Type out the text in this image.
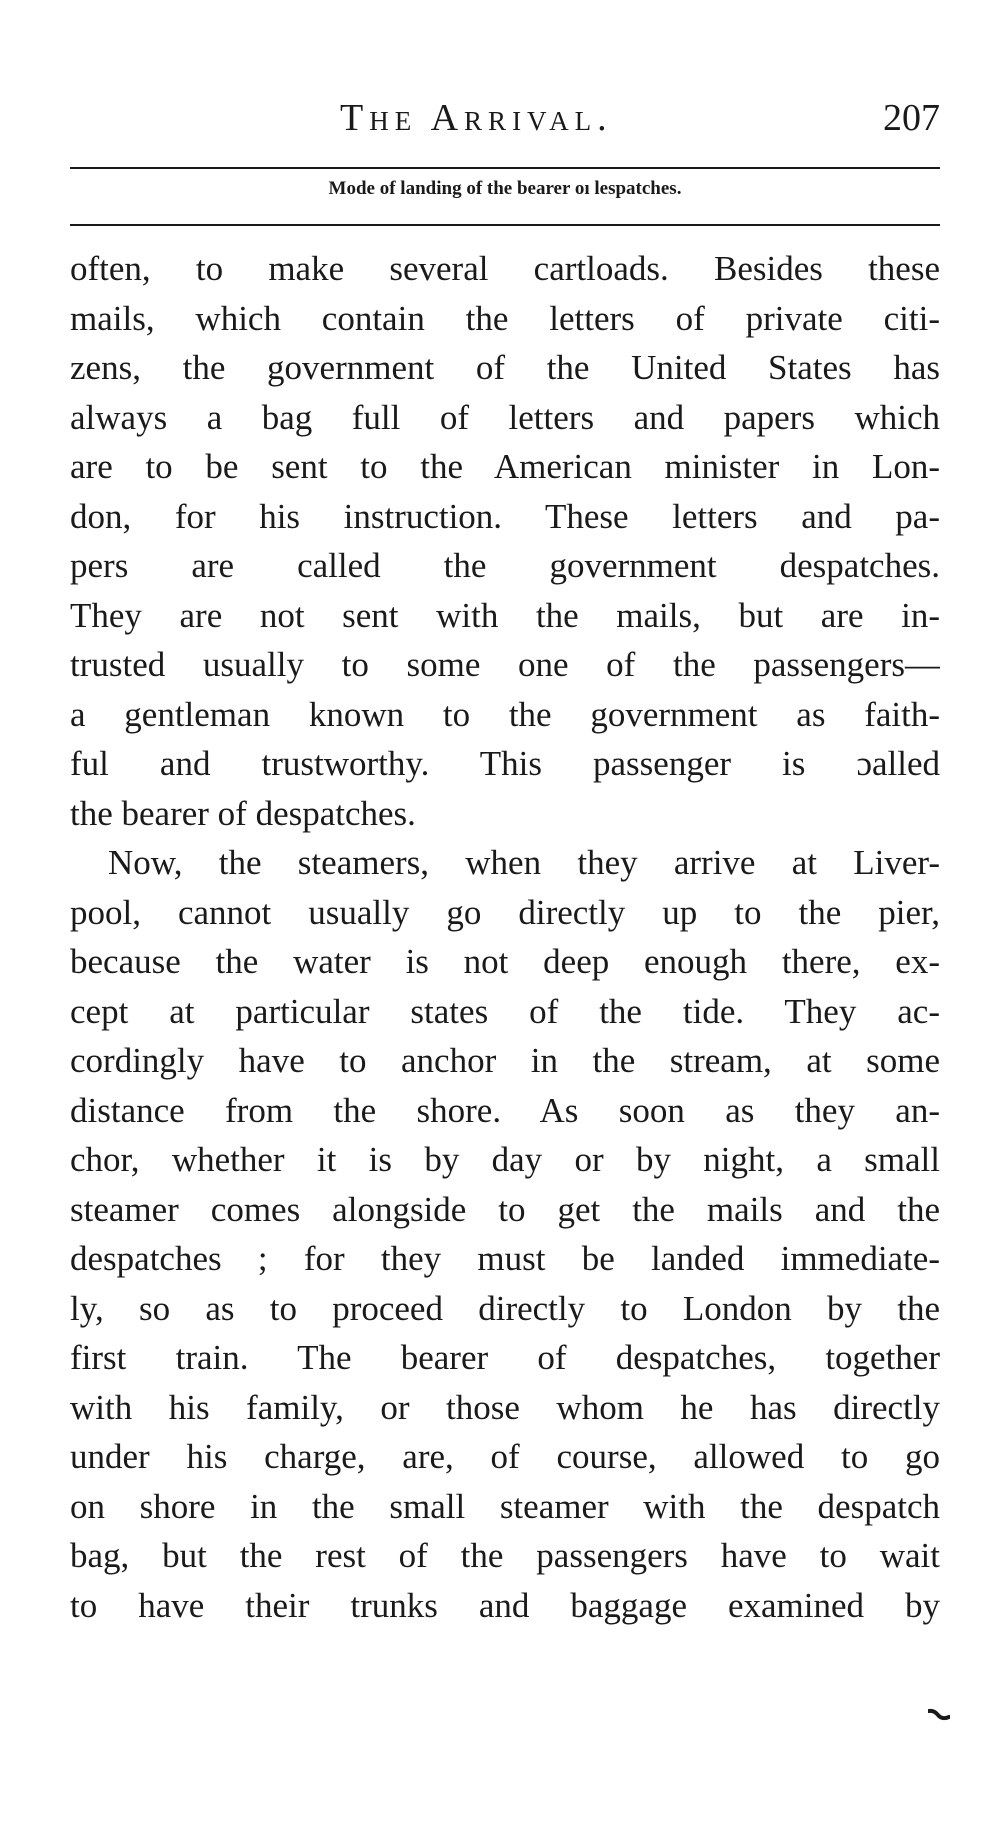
The Arrival.	207
Mode of landing of the bearer oı lespatches.
often, to make several cartloads. Besides these
mails, which contain the letters of private citi-
zens, the government of the United States has
always a bag full of letters and papers which
are to be sent to the American minister in Lon-
don, for his instruction. These letters and pa-
pers are called the government despatches.
They are not sent with the mails, but are in-
trusted usually to some one of the passengers—
a gentleman known to the government as faith-
ful and trustworthy. This passenger is ɔalled
the bearer of despatches.
Now, the steamers, when they arrive at Liver-
pool, cannot usually go directly up to the pier,
because the water is not deep enough there, ex-
cept at particular states of the tide. They ac-
cordingly have to anchor in the stream, at some
distance from the shore. As soon as they an-
chor, whether it is by day or by night, a small
steamer comes alongside to get the mails and the
despatches ; for they must be landed immediate-
ly, so as to proceed directly to London by the
first train. The bearer of despatches, together
with his family, or those whom he has directly
under his charge, are, of course, allowed to go
on shore in the small steamer with the despatch
bag, but the rest of the passengers have to wait
to have their trunks and baggage examined by
